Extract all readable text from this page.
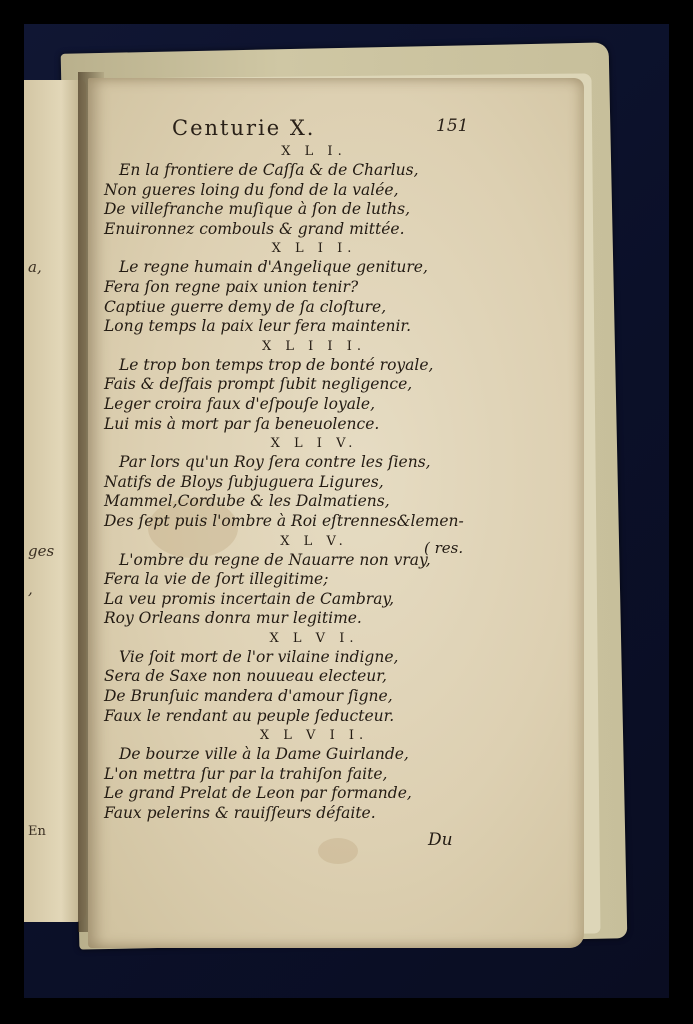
a,
ges
,
En
Centurie X.	151
X L I.
En la frontiere de Caſſa & de Charlus,
Non gueres loing du fond de la valée,
De villefranche muſique à ſon de luths,
Enuironnez combouls & grand mittée.
X L I I.
Le regne humain d'Angelique geniture,
Fera ſon regne paix union tenir?
Captiue guerre demy de ſa cloſture,
Long temps la paix leur fera maintenir.
X L I I I.
Le trop bon temps trop de bonté royale,
Fais & deſfais prompt ſubit negligence,
Leger croira faux d'eſpouſe loyale,
Lui mis à mort par ſa beneuolence.
X L I V.
Par lors qu'un Roy ſera contre les ſiens,
Natifs de Bloys ſubjuguera Ligures,
Mammel,Cordube & les Dalmatiens,
Des ſept puis l'ombre à Roi eſtrennes&lemen-
X L V.
L'ombre du regne de Nauarre non vray,
Fera la vie de ſort illegitime;
La veu promis incertain de Cambray,
Roy Orleans donra mur legitime.
X L V I.
Vie ſoit mort de l'or vilaine indigne,
Sera de Saxe non nouueau electeur,
De Brunſuic mandera d'amour ſigne,
Faux le rendant au peuple ſeducteur.
X L V I I.
De bourze ville à la Dame Guirlande,
L'on mettra ſur par la trahiſon faite,
Le grand Prelat de Leon par formande,
Faux pelerins & rauiſſeurs défaite.
( res.
Du
